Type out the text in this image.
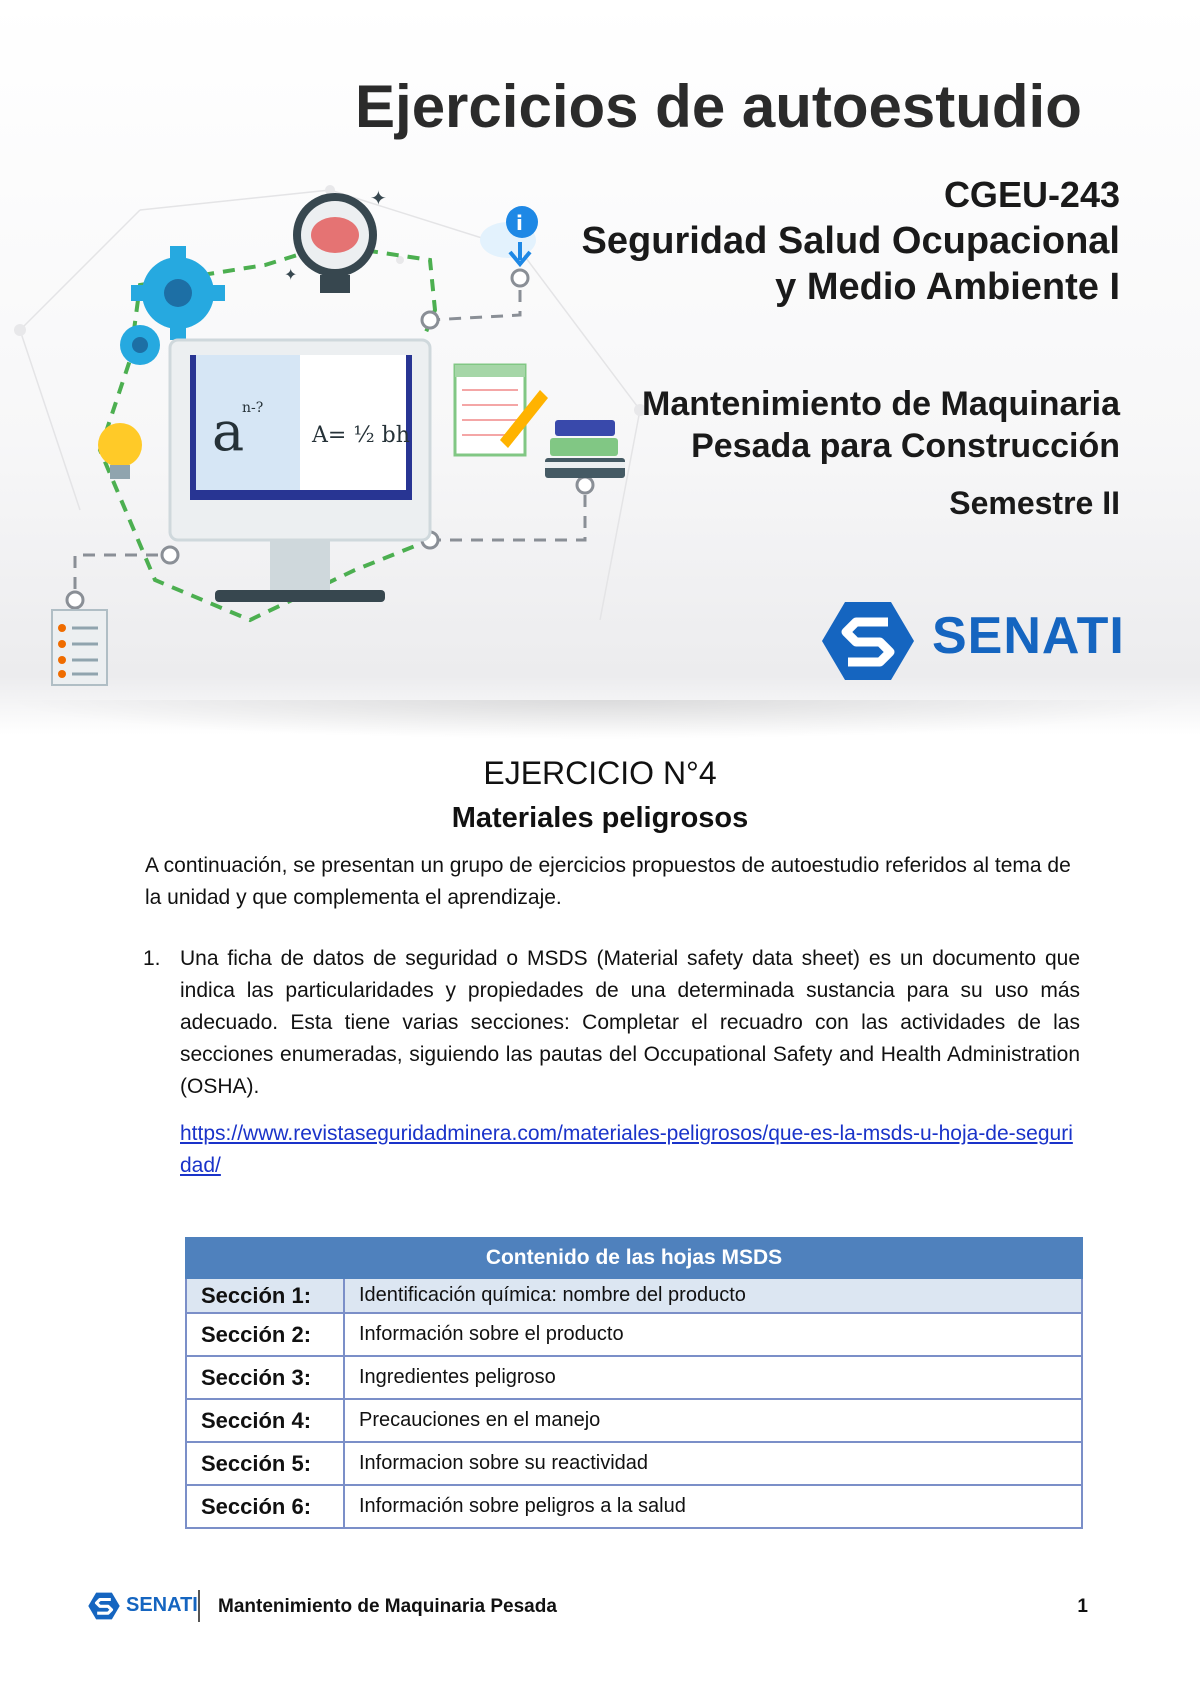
✦
✦
i
a
n-?
A= ½ bh
Ejercicios de autoestudio
CGEU-243
Seguridad Salud Ocupacional
y Medio Ambiente I
Mantenimiento de Maquinaria
Pesada para Construcción
Semestre II
SENATI
EJERCICIO N°4
Materiales peligrosos
A continuación, se presentan un grupo de ejercicios propuestos de autoestudio referidos al tema de la unidad y que complementa el aprendizaje.
1. Una ficha de datos de seguridad o MSDS (Material safety data sheet) es un documento que indica las particularidades y propiedades de una determinada sustancia para su uso más adecuado. Esta tiene varias secciones: Completar el recuadro con las actividades de las secciones enumeradas, siguiendo las pautas del Occupational Safety and Health Administration (OSHA).
https://www.revistaseguridadminera.com/materiales-peligrosos/que-es-la-msds-u-hoja-de-seguridad/
Contenido de las hojas MSDS	
Sección 1:	Identificación química: nombre del producto
Sección 2:	Información sobre el producto
Sección 3:	Ingredientes peligroso
Sección 4:	Precauciones en el manejo
Sección 5:	Informacion sobre su reactividad
Sección 6:	Información sobre peligros a la salud
SENATI Mantenimiento de Maquinaria Pesada	1
